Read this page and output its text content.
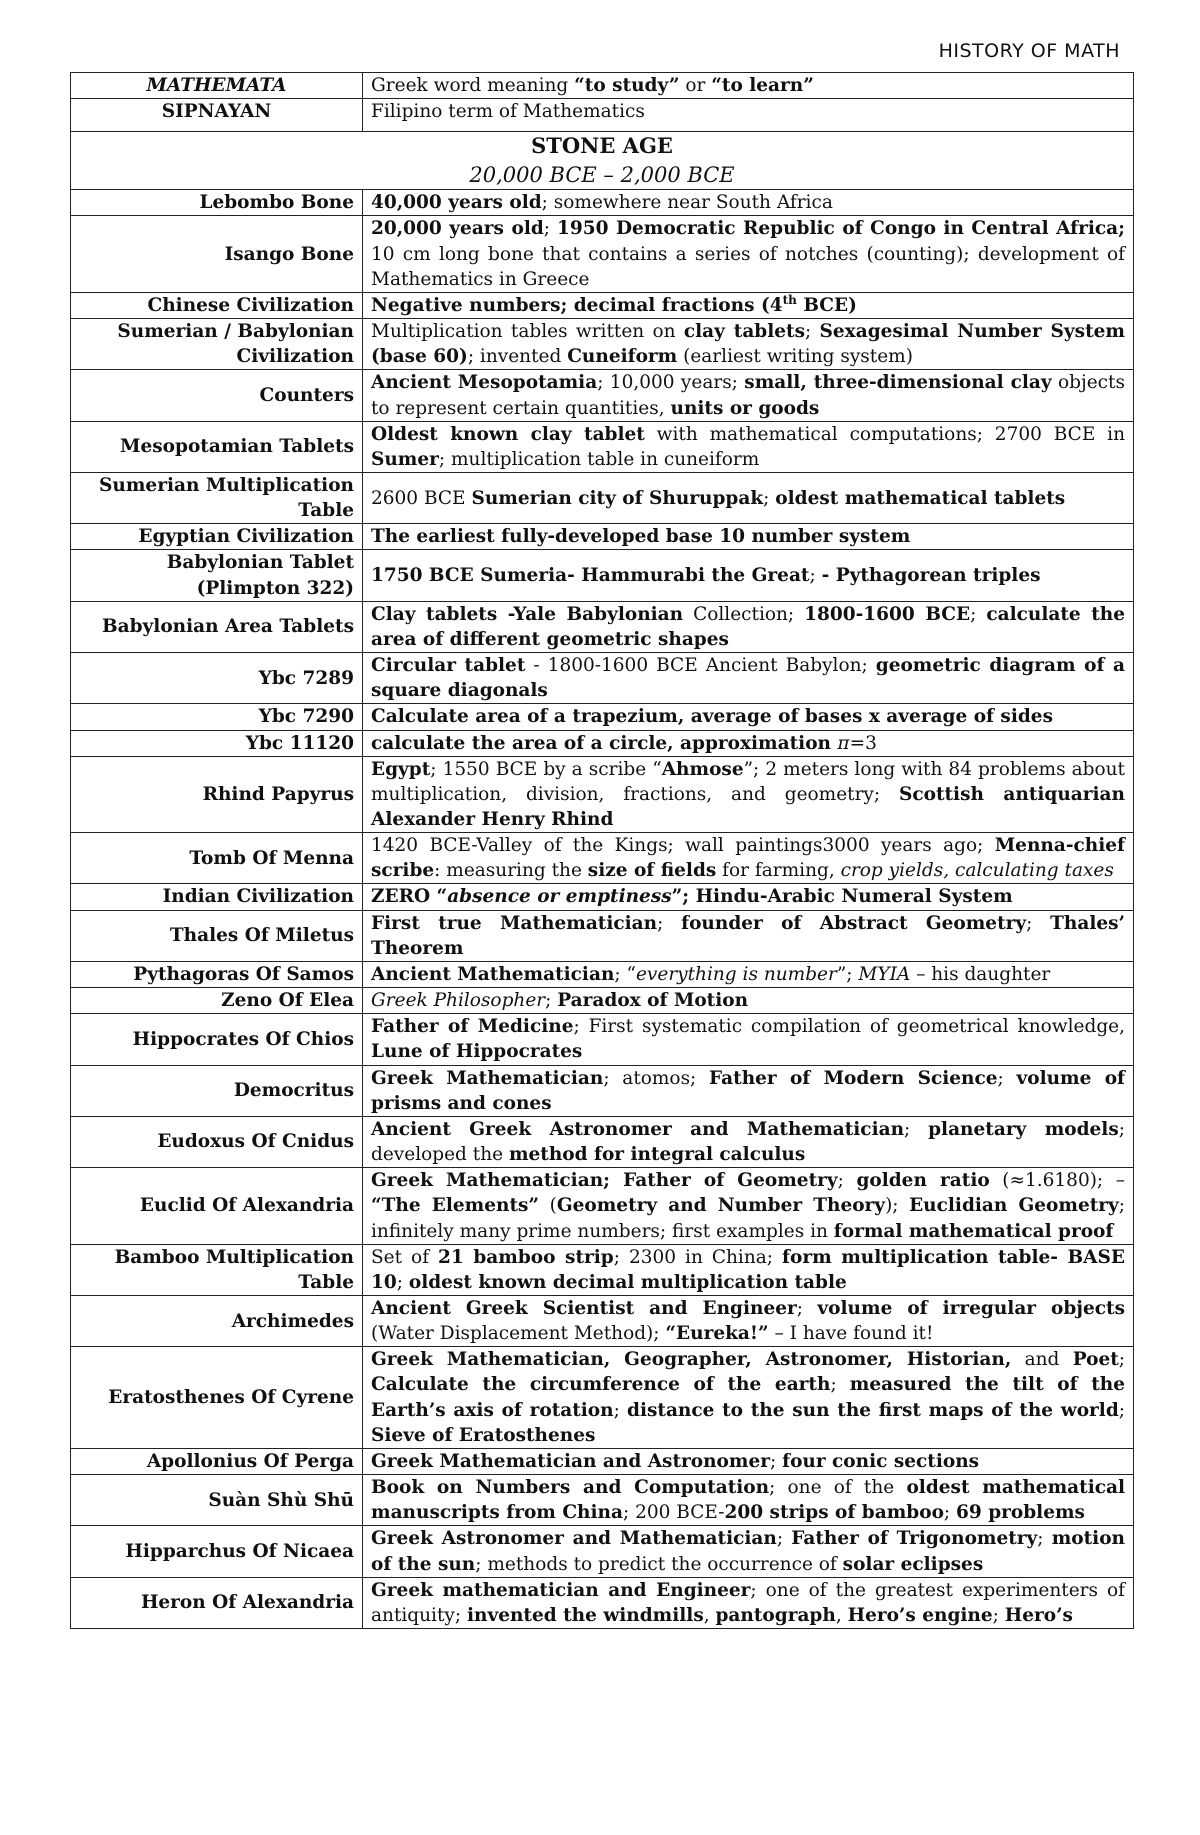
HISTORY OF MATH
MATHEMATA	Greek word meaning “to study” or “to learn”
SIPNAYAN	Filipino term of Mathematics

STONE AGE
20,000 BCE – 2,000 BCE	

Lebombo Bone	40,000 years old; somewhere near South Africa
Isango Bone	20,000 years old; 1950 Democratic Republic of Congo in Central Africa; 10 cm long bone that contains a series of notches (counting); development of Mathematics in Greece
Chinese Civilization	Negative numbers; decimal fractions (4th BCE)
Sumerian / Babylonian Civilization	Multiplication tables written on clay tablets; Sexagesimal Number System (base 60); invented Cuneiform (earliest writing system)
Counters	Ancient Mesopotamia; 10,000 years; small, three-dimensional clay objects to represent certain quantities, units or goods
Mesopotamian Tablets	Oldest known clay tablet with mathematical computations; 2700 BCE in Sumer; multiplication table in cuneiform
Sumerian Multiplication Table	2600 BCE Sumerian city of Shuruppak; oldest mathematical tablets
Egyptian Civilization	The earliest fully-developed base 10 number system
Babylonian Tablet (Plimpton 322)	1750 BCE Sumeria- Hammurabi the Great; - Pythagorean triples
Babylonian Area Tablets	Clay tablets -Yale Babylonian Collection; 1800-1600 BCE; calculate the area of different geometric shapes
Ybc 7289	Circular tablet - 1800-1600 BCE Ancient Babylon; geometric diagram of a square diagonals
Ybc 7290	Calculate area of a trapezium, average of bases x average of sides
Ybc 11120	calculate the area of a circle, approximation π=3
Rhind Papyrus	Egypt; 1550 BCE by a scribe “Ahmose”; 2 meters long with 84 problems about multiplication, division, fractions, and geometry; Scottish antiquarian Alexander Henry Rhind
Tomb Of Menna	1420 BCE-Valley of the Kings; wall paintings3000 years ago; Menna-chief scribe: measuring the size of fields for farming, crop yields, calculating taxes
Indian Civilization	ZERO “absence or emptiness”; Hindu-Arabic Numeral System
Thales Of Miletus	First true Mathematician; founder of Abstract Geometry; Thales’ Theorem
Pythagoras Of Samos	Ancient Mathematician; “everything is number”; MYIA – his daughter
Zeno Of Elea	Greek Philosopher; Paradox of Motion
Hippocrates Of Chios	Father of Medicine; First systematic compilation of geometrical knowledge, Lune of Hippocrates
Democritus	Greek Mathematician; atomos; Father of Modern Science; volume of prisms and cones
Eudoxus Of Cnidus	Ancient Greek Astronomer and Mathematician; planetary models; developed the method for integral calculus
Euclid Of Alexandria	Greek Mathematician; Father of Geometry; golden ratio (≈1.6180); – “The Elements” (Geometry and Number Theory); Euclidian Geometry; infinitely many prime numbers; first examples in formal mathematical proof
Bamboo Multiplication Table	Set of 21 bamboo strip; 2300 in China; form multiplication table- BASE 10; oldest known decimal multiplication table
Archimedes	Ancient Greek Scientist and Engineer; volume of irregular objects (Water Displacement Method); “Eureka!” – I have found it!
Eratosthenes Of Cyrene	Greek Mathematician, Geographer, Astronomer, Historian, and Poet; Calculate the circumference of the earth; measured the tilt of the Earth’s axis of rotation; distance to the sun the first maps of the world; Sieve of Eratosthenes
Apollonius Of Perga	Greek Mathematician and Astronomer; four conic sections
Suàn Shù Shū	Book on Numbers and Computation; one of the oldest mathematical manuscripts from China; 200 BCE-200 strips of bamboo; 69 problems
Hipparchus Of Nicaea	Greek Astronomer and Mathematician; Father of Trigonometry; motion of the sun; methods to predict the occurrence of solar eclipses
Heron Of Alexandria	Greek mathematician and Engineer; one of the greatest experimenters of antiquity; invented the windmills, pantograph, Hero’s engine; Hero’s
